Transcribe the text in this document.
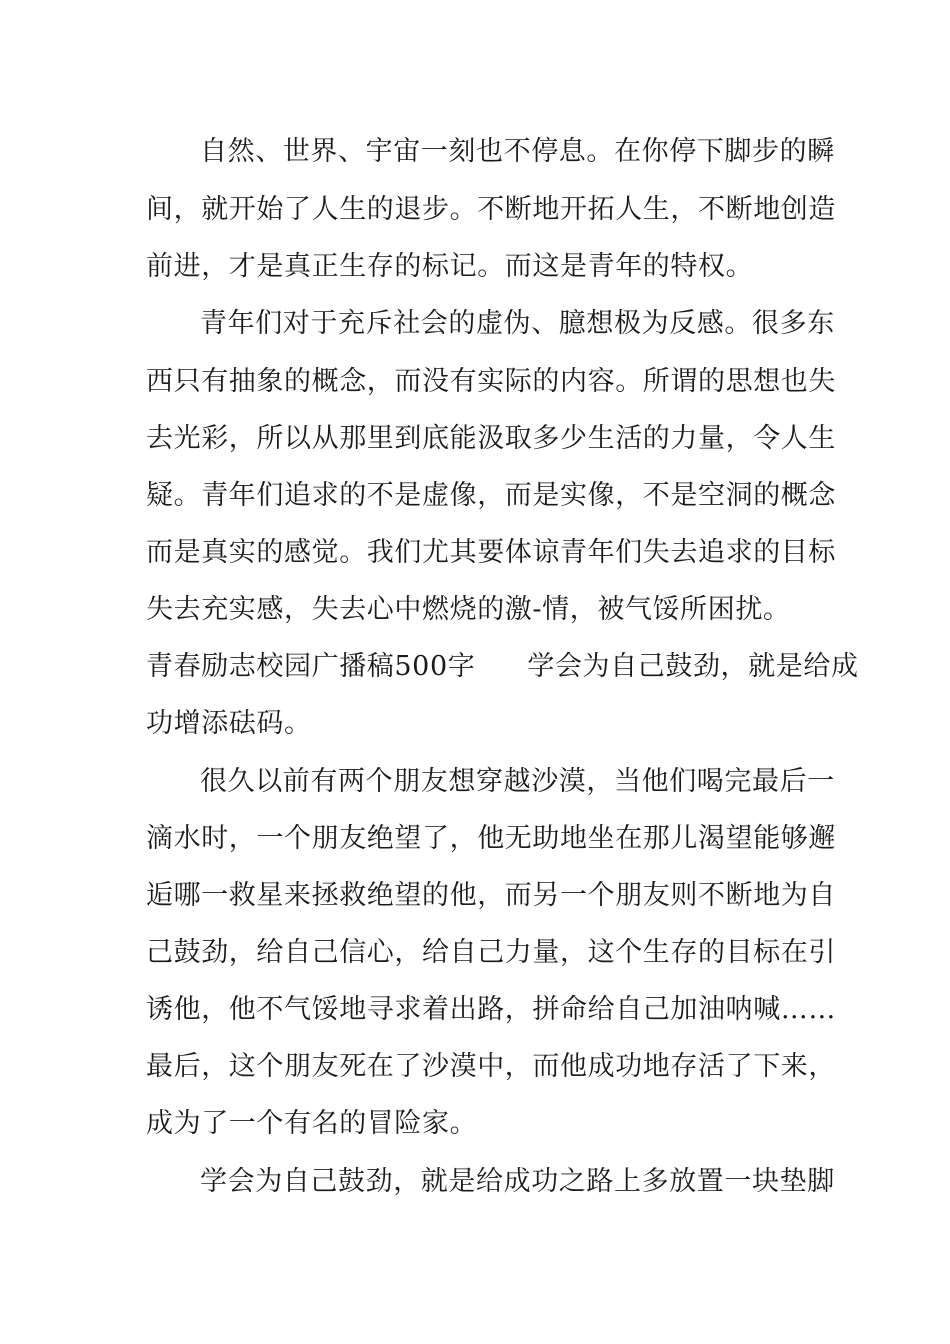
自然、世界、宇宙一刻也不停息。在你停下脚步的瞬
间，就开始了人生的退步。不断地开拓人生，不断地创造
前进，才是真正生存的标记。而这是青年的特权。
青年们对于充斥社会的虚伪、臆想极为反感。很多东
西只有抽象的概念，而没有实际的内容。所谓的思想也失
去光彩，所以从那里到底能汲取多少生活的力量，令人生
疑。青年们追求的不是虚像，而是实像，不是空洞的概念
而是真实的感觉。我们尤其要体谅青年们失去追求的目标
失去充实感，失去心中燃烧的激-情，被气馁所困扰。
青春励志校园广播稿500字 学会为自己鼓劲，就是给成
功增添砝码。
很久以前有两个朋友想穿越沙漠，当他们喝完最后一
滴水时，一个朋友绝望了，他无助地坐在那儿渴望能够邂
逅哪一救星来拯救绝望的他，而另一个朋友则不断地为自
己鼓劲，给自己信心，给自己力量，这个生存的目标在引
诱他，他不气馁地寻求着出路，拼命给自己加油呐喊……
最后，这个朋友死在了沙漠中，而他成功地存活了下来，
成为了一个有名的冒险家。
学会为自己鼓劲，就是给成功之路上多放置一块垫脚
